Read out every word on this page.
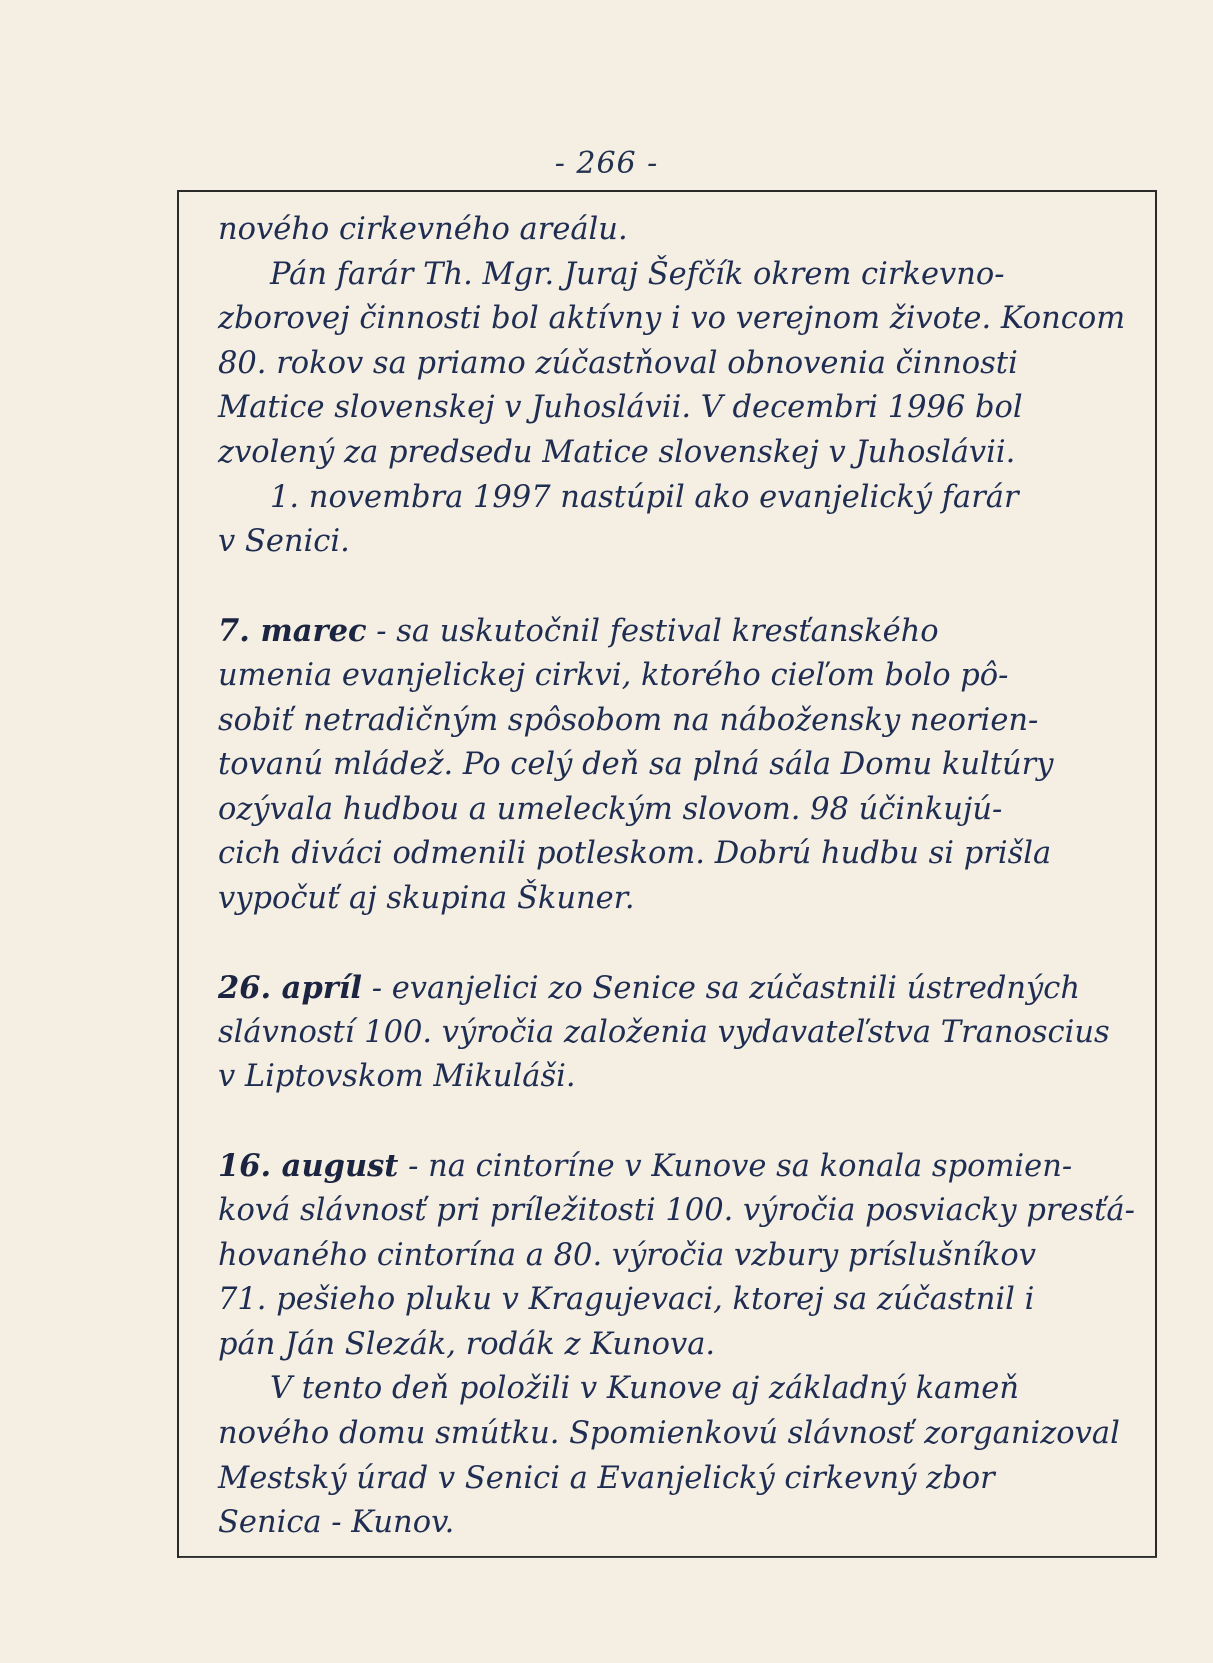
- 266 -
nového cirkevného areálu.
Pán farár Th. Mgr. Juraj Šefčík okrem cirkevno-
zborovej činnosti bol aktívny i vo verejnom živote. Koncom
80. rokov sa priamo zúčastňoval obnovenia činnosti
Matice slovenskej v Juhoslávii. V decembri 1996 bol
zvolený za predsedu Matice slovenskej v Juhoslávii.
1. novembra 1997 nastúpil ako evanjelický farár
v Senici.
7. marec - sa uskutočnil festival kresťanského
umenia evanjelickej cirkvi, ktorého cieľom bolo pô-
sobiť netradičným spôsobom na nábožensky neorien-
tovanú mládež. Po celý deň sa plná sála Domu kultúry
ozývala hudbou a umeleckým slovom. 98 účinkujú-
cich diváci odmenili potleskom. Dobrú hudbu si prišla
vypočuť aj skupina Škuner.
26. apríl - evanjelici zo Senice sa zúčastnili ústredných
slávností 100. výročia založenia vydavateľstva Tranoscius
v Liptovskom Mikuláši.
16. august - na cintoríne v Kunove sa konala spomien-
ková slávnosť pri príležitosti 100. výročia posviacky presťá-
hovaného cintorína a 80. výročia vzbury príslušníkov
71. pešieho pluku v Kragujevaci, ktorej sa zúčastnil i
pán Ján Slezák, rodák z Kunova.
V tento deň položili v Kunove aj základný kameň
nového domu smútku. Spomienkovú slávnosť zorganizoval
Mestský úrad v Senici a Evanjelický cirkevný zbor
Senica - Kunov.
